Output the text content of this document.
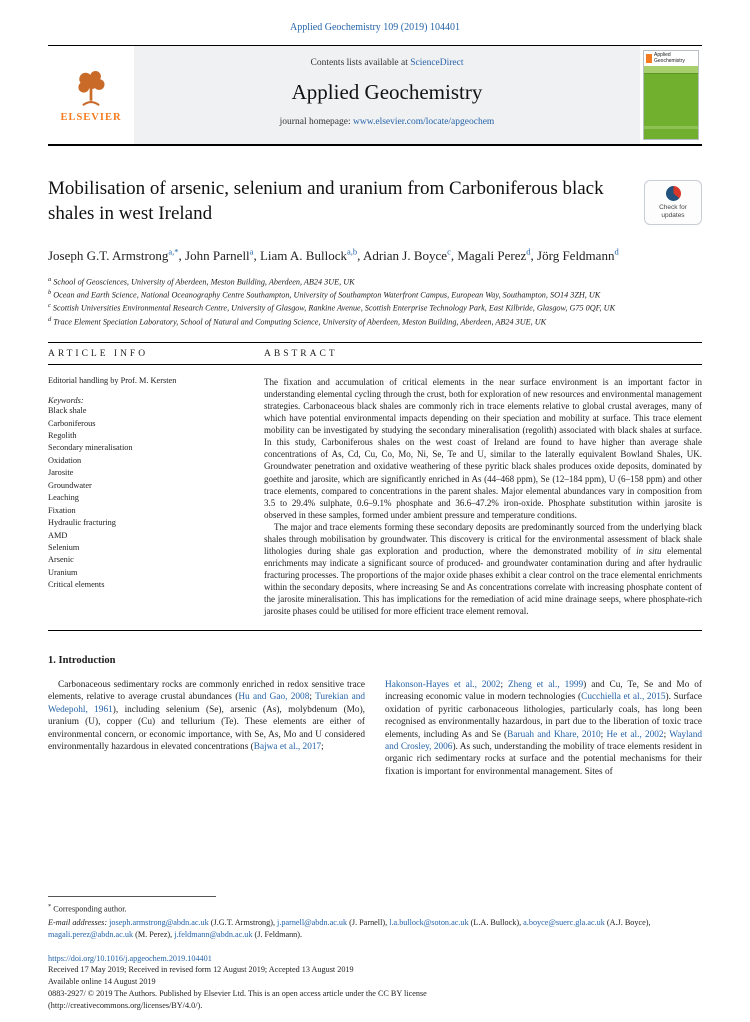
Applied Geochemistry 109 (2019) 104401
ELSEVIER
Contents lists available at ScienceDirect
Applied Geochemistry
journal homepage: www.elsevier.com/locate/apgeochem
Applied Geochemistry
Mobilisation of arsenic, selenium and uranium from Carboniferous black shales in west Ireland	Check for updates
Joseph G.T. Armstrong$^{a,*}$, John Parnell$^a$, Liam A. Bullock$^{a,b}$, Adrian J. Boyce$^c$, Magali Perez$^d$, Jörg Feldmann$^d$
$^a$ School of Geosciences, University of Aberdeen, Meston Building, Aberdeen, AB24 3UE, UK
$^b$ Ocean and Earth Science, National Oceanography Centre Southampton, University of Southampton Waterfront Campus, European Way, Southampton, SO14 3ZH, UK
$^c$ Scottish Universities Environmental Research Centre, University of Glasgow, Rankine Avenue, Scottish Enterprise Technology Park, East Kilbride, Glasgow, G75 0QF, UK
$^d$ Trace Element Speciation Laboratory, School of Natural and Computing Science, University of Aberdeen, Meston Building, Aberdeen, AB24 3UE, UK
ARTICLE INFO	ABSTRACT
Editorial handling by Prof. M. Kersten
Keywords:
Black shale
Carboniferous
Regolith
Secondary mineralisation
Oxidation
Jarosite
Groundwater
Leaching
Fixation
Hydraulic fracturing
AMD
Selenium
Arsenic
Uranium
Critical elements

The fixation and accumulation of critical elements in the near surface environment is an important factor in understanding elemental cycling through the crust, both for exploration of new resources and environmental management strategies. Carbonaceous black shales are commonly rich in trace elements relative to global crustal averages, many of which have potential environmental impacts depending on their speciation and mobility at surface. This trace element mobility can be investigated by studying the secondary mineralisation (regolith) associated with black shales at surface. In this study, Carboniferous shales on the west coast of Ireland are found to have higher than average shale concentrations of As, Cd, Cu, Co, Mo, Ni, Se, Te and U, similar to the laterally equivalent Bowland Shales, UK. Groundwater penetration and oxidative weathering of these pyritic black shales produces oxide deposits, dominated by goethite and jarosite, which are significantly enriched in As (44–468 ppm), Se (12–184 ppm), U (6–158 ppm) and other trace elements, compared to concentrations in the parent shales. Major elemental abundances vary in composition from 3.5 to 29.4% sulphate, 0.6–9.1% phosphate and 36.6–47.2% iron-oxide. Phosphate substitution within jarosite is observed in these samples, formed under ambient pressure and temperature conditions.

The major and trace elements forming these secondary deposits are predominantly sourced from the underlying black shales through mobilisation by groundwater. This discovery is critical for the environmental assessment of black shale lithologies during shale gas exploration and production, where the demonstrated mobility of in situ elemental enrichments may indicate a significant source of produced- and groundwater contamination during and after hydraulic fracturing processes. The proportions of the major oxide phases exhibit a clear control on the trace elemental enrichments within the secondary deposits, where increasing Se and As concentrations correlate with increasing phosphate content of the jarosite mineralisation. This has implications for the remediation of acid mine drainage seeps, where phosphate-rich jarosite phases could be utilised for more efficient trace element removal.

1. Introduction
Carbonaceous sedimentary rocks are commonly enriched in redox sensitive trace elements, relative to average crustal abundances (Hu and Gao, 2008; Turekian and Wedepohl, 1961), including selenium (Se), arsenic (As), molybdenum (Mo), uranium (U), copper (Cu) and tellurium (Te). These elements are either of environmental concern, or economic importance, with Se, As, Mo and U considered environmentally hazardous in elevated concentrations (Bajwa et al., 2017;
Hakonson-Hayes et al., 2002; Zheng et al., 1999) and Cu, Te, Se and Mo of increasing economic value in modern technologies (Cucchiella et al., 2015). Surface oxidation of pyritic carbonaceous lithologies, particularly coals, has long been recognised as environmentally hazardous, in part due to the liberation of toxic trace elements, including As and Se (Baruah and Khare, 2010; He et al., 2002; Wayland and Crosley, 2006). As such, understanding the mobility of trace elements resident in organic rich sedimentary rocks at surface and the potential mechanisms for their fixation is important for environmental management. Sites of
* Corresponding author.
E-mail addresses: joseph.armstrong@abdn.ac.uk (J.G.T. Armstrong), j.parnell@abdn.ac.uk (J. Parnell), l.a.bullock@soton.ac.uk (L.A. Bullock), a.boyce@suerc.gla.ac.uk (A.J. Boyce), magali.perez@abdn.ac.uk (M. Perez), j.feldmann@abdn.ac.uk (J. Feldmann).
https://doi.org/10.1016/j.apgeochem.2019.104401
Received 17 May 2019; Received in revised form 12 August 2019; Accepted 13 August 2019
Available online 14 August 2019
0883-2927/ © 2019 The Authors. Published by Elsevier Ltd. This is an open access article under the CC BY license
(http://creativecommons.org/licenses/BY/4.0/).
